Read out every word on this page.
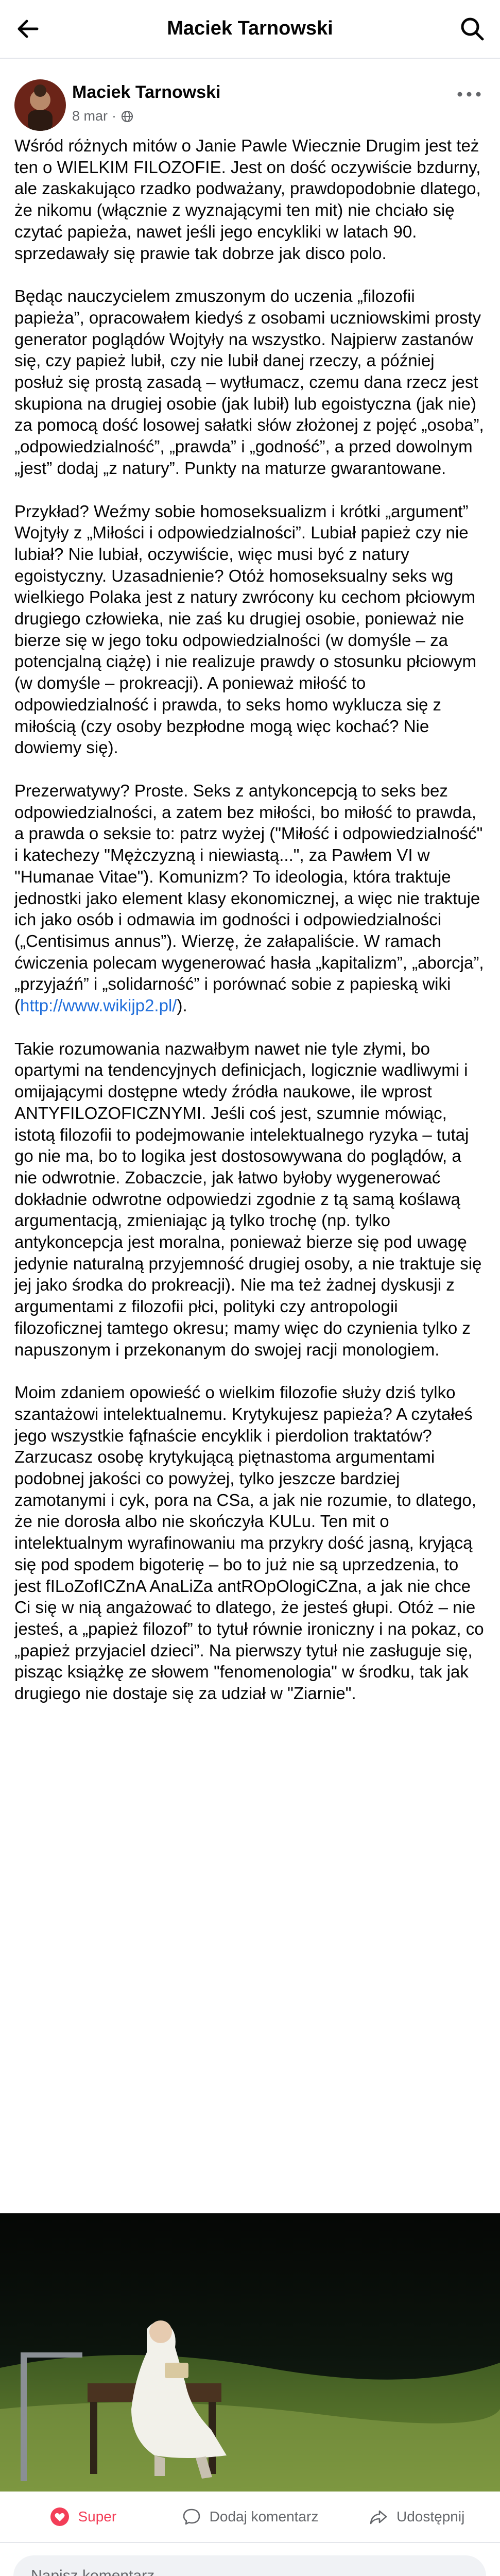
Maciek Tarnowski
Maciek Tarnowski
8 mar ·

Wśród różnych mitów o Janie Pawle Wiecznie Drugim jest też ten o WIELKIM FILOZOFIE. Jest on dość oczywiście bzdurny, ale zaskakująco rzadko podważany, prawdopodobnie dlatego, że nikomu (włącznie z wyznającymi ten mit) nie chciało się czytać papieża, nawet jeśli jego encykliki w latach 90. sprzedawały się prawie tak dobrze jak disco polo.

Będąc nauczycielem zmuszonym do uczenia „filozofii papieża”, opracowałem kiedyś z osobami uczniowskimi prosty generator poglądów Wojtyły na wszystko. Najpierw zastanów się, czy papież lubił, czy nie lubił danej rzeczy, a później posłuż się prostą zasadą – wytłumacz, czemu dana rzecz jest skupiona na drugiej osobie (jak lubił) lub egoistyczna (jak nie) za pomocą dość losowej sałatki słów złożonej z pojęć „osoba”, „odpowiedzialność”, „prawda” i „godność”, a przed dowolnym „jest” dodaj „z natury”. Punkty na maturze gwarantowane.

Przykład? Weźmy sobie homoseksualizm i krótki „argument” Wojtyły z „Miłości i odpowiedzialności”. Lubiał papież czy nie lubiał? Nie lubiał, oczywiście, więc musi być z natury egoistyczny. Uzasadnienie? Otóż homoseksualny seks wg wielkiego Polaka jest z natury zwrócony ku cechom płciowym drugiego człowieka, nie zaś ku drugiej osobie, ponieważ nie bierze się w jego toku odpowiedzialności (w domyśle – za potencjalną ciążę) i nie realizuje prawdy o stosunku płciowym (w domyśle – prokreacji). A ponieważ miłość to odpowiedzialność i prawda, to seks homo wyklucza się z miłością (czy osoby bezpłodne mogą więc kochać? Nie dowiemy się).

Prezerwatywy? Proste. Seks z antykoncepcją to seks bez odpowiedzialności, a zatem bez miłości, bo miłość to prawda, a prawda o seksie to: patrz wyżej ("Miłość i odpowiedzialność" i katechezy "Mężczyzną i niewiastą...", za Pawłem VI w "Humanae Vitae"). Komunizm? To ideologia, która traktuje jednostki jako element klasy ekonomicznej, a więc nie traktuje ich jako osób i odmawia im godności i odpowiedzialności („Centisimus annus”). Wierzę, że załapaliście. W ramach ćwiczenia polecam wygenerować hasła „kapitalizm”, „aborcja”, „przyjaźń” i „solidarność” i porównać sobie z papieską wiki (http://www.wikijp2.pl/).

Takie rozumowania nazwałbym nawet nie tyle złymi, bo opartymi na tendencyjnych definicjach, logicznie wadliwymi i omijającymi dostępne wtedy źródła naukowe, ile wprost ANTYFILOZOFICZNYMI. Jeśli coś jest, szumnie mówiąc, istotą filozofii to podejmowanie intelektualnego ryzyka – tutaj go nie ma, bo to logika jest dostosowywana do poglądów, a nie odwrotnie. Zobaczcie, jak łatwo byłoby wygenerować dokładnie odwrotne odpowiedzi zgodnie z tą samą koślawą argumentacją, zmieniając ją tylko trochę (np. tylko antykoncepcja jest moralna, ponieważ bierze się pod uwagę jedynie naturalną przyjemność drugiej osoby, a nie traktuje się jej jako środka do prokreacji). Nie ma też żadnej dyskusji z argumentami z filozofii płci, polityki czy antropologii filozoficznej tamtego okresu; mamy więc do czynienia tylko z napuszonym i przekonanym do swojej racji monologiem.

Moim zdaniem opowieść o wielkim filozofie służy dziś tylko szantażowi intelektualnemu. Krytykujesz papieża? A czytałeś jego wszystkie fąfnaście encyklik i pierdolion traktatów? Zarzucasz osobę krytykującą piętnastoma argumentami podobnej jakości co powyżej, tylko jeszcze bardziej zamotanymi i cyk, pora na CSa, a jak nie rozumie, to dlatego, że nie dorosła albo nie skończyła KULu. Ten mit o intelektualnym wyrafinowaniu ma przykry dość jasną, kryjącą się pod spodem bigoterię – bo to już nie są uprzedzenia, to jest fILoZofICZnA AnaLiZa antROpOlogiCZna, a jak nie chce Ci się w nią angażować to dlatego, że jesteś głupi. Otóż – nie jesteś, a „papież filozof” to tytuł równie ironiczny i na pokaz, co „papież przyjaciel dzieci”. Na pierwszy tytuł nie zasługuje się, pisząc książkę ze słowem "fenomenologia" w środku, tak jak drugiego nie dostaje się za udział w "Ziarnie".

Super	Dodaj komentarz	Udostępnij
Napisz komentarz...
